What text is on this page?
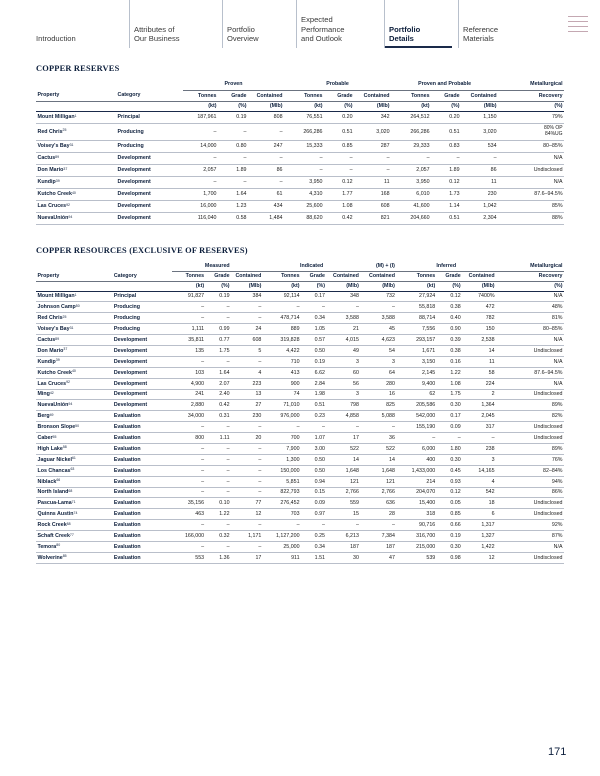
Introduction
Attributes of
Our Business
Portfolio
Overview
Expected
Performance
and Outlook
Portfolio
Details
Reference
Materials
COPPER RESERVES
		Proven			Probable			Proven and Probable			Metallurgical
Property	Category	Tonnes	Grade	Contained	Tonnes	Grade	Contained	Tonnes	Grade	Contained	Recovery
		(kt)	(%)	(Mlb)	(kt)	(%)	(Mlb)	(kt)	(%)	(Mlb)	(%)
Mount Milligan$^1$	Principal	187,961	0.19	808	76,551	0.20	342	264,512	0.20	1,150	79%
Red Chris$^{25}$	Producing	–	–	–	266,286	0.51	3,020	266,286	0.51	3,020	80% OP
84%UG

Voisey's Bay$^{31}$	Producing	14,000	0.80	247	15,333	0.85	287	29,333	0.83	534	80–85%
Cactus$^{89}$	Development	–	–	–	–	–	–	–	–	–	N/A
Don Mario$^{37}$	Development	2,057	1.89	86	–	–	–	2,057	1.89	86	Undisclosed
Kundip$^{39}$	Development	–	–	–	3,950	0.12	11	3,950	0.12	11	N/A
Kutcho Creek$^{40}$	Development	1,700	1.64	61	4,310	1.77	168	6,010	1.73	230	87.6–94.5%
Las Cruces$^{92}$	Development	16,000	1.23	434	25,600	1.08	608	41,600	1.14	1,042	85%
NuevaUnión$^{94}$	Development	116,040	0.58	1,484	88,620	0.42	821	204,660	0.51	2,304	88%
COPPER RESOURCES (EXCLUSIVE OF RESERVES)
		Measured			Indicated			(M) + (I)	Inferred			Metallurgical
Property	Category	Tonnes	Grade	Contained	Tonnes	Grade	Contained	Contained	Tonnes	Grade	Contained	Recovery
		(kt)	(%)	(Mlb)	(kt)	(%)	(Mlb)	(Mlb)	(kt)	(%)	(Mlb)	(%)
Mount Milligan$^1$	Principal	91,827	0.19	384	92,114	0.17	348	732	27,924	0.12	7400%	N/A
Johnson Camp$^{50}$	Producing	–	–	–	–	–	–	–	55,818	0.38	472	48%
Red Chris$^{25}$	Producing	–	–	–	478,714	0.34	3,588	3,588	88,714	0.40	782	81%
Voisey's Bay$^{31}$	Producing	1,111	0.99	24	889	1.05	21	45	7,556	0.90	150	80–85%
Cactus$^{89}$	Development	35,811	0.77	608	319,828	0.57	4,015	4,623	293,157	0.39	2,538	N/A
Don Mario$^{37}$	Development	135	1.75	5	4,422	0.50	49	54	1,671	0.38	14	Undisclosed
Kundip$^{39}$	Development	–	–	–	710	0.19	3	3	3,150	0.16	11	N/A
Kutcho Creek$^{40}$	Development	103	1.64	4	413	6.62	60	64	2,145	1.22	58	87.6–94.5%
Las Cruces$^{92}$	Development	4,900	2.07	223	900	2.84	56	280	9,400	1.08	224	N/A
Ming$^{42}$	Development	241	2.40	13	74	1.98	3	16	62	1.75	2	Undisclosed
NuevaUnión$^{94}$	Development	2,880	0.42	27	71,010	0.51	798	825	205,586	0.30	1,364	89%
Berg$^{49}$	Evaluation	34,000	0.31	230	976,000	0.23	4,858	5,088	542,000	0.17	2,045	82%
Bronson Slope$^{50}$	Evaluation	–	–	–	–	–	–	–	155,190	0.09	317	Undisclosed
Caber$^{55}$	Evaluation	800	1.11	20	700	1.07	17	36	–	–	–	Undisclosed
High Lake$^{58}$	Evaluation	–	–	–	7,900	3.00	522	522	6,000	1.80	238	89%
Jaguar Nickel$^{61}$	Evaluation	–	–	–	1,300	0.50	14	14	400	0.30	3	76%
Los Chancas$^{63}$	Evaluation	–	–	–	150,000	0.50	1,648	1,648	1,433,000	0.45	14,165	82–84%
Niblack$^{66}$	Evaluation	–	–	–	5,851	0.94	121	121	214	0.93	4	94%
North Island$^{68}$	Evaluation	–	–	–	822,793	0.15	2,766	2,766	204,070	0.12	542	86%
Pascua-Lama$^{71}$	Evaluation	35,156	0.10	77	276,452	0.09	559	636	15,400	0.05	18	Undisclosed
Quinns Austin$^{74}$	Evaluation	463	1.22	12	703	0.97	15	28	318	0.85	6	Undisclosed
Rock Creek$^{88}$	Evaluation	–	–	–	–	–	–	–	90,716	0.66	1,317	92%
Schaft Creek$^{77}$	Evaluation	166,000	0.32	1,171	1,127,200	0.25	6,213	7,384	316,700	0.19	1,327	87%
Temora$^{80}$	Evaluation	–	–	–	25,000	0.34	187	187	215,000	0.30	1,422	N/A
Wolverine$^{85}$	Evaluation	553	1.36	17	911	1.51	30	47	539	0.98	12	Undisclosed
171
